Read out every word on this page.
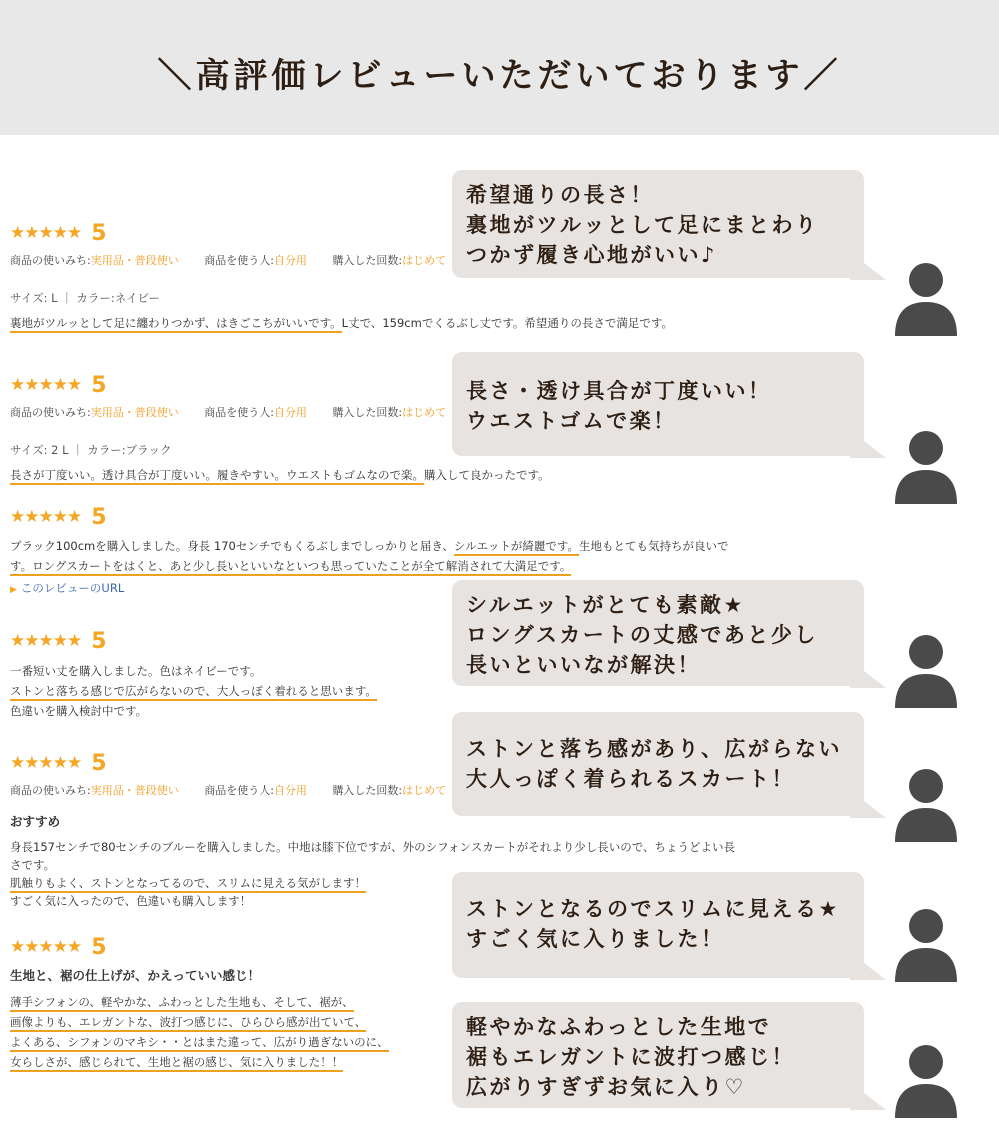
＼高評価レビューいただいております／
★★★★★ 5
商品の使いみち:実用品・普段使い 商品を使う人:自分用 購入した回数:はじめて
サイズ: L ｜ カラー:ネイビー
裏地がツルッとして足に纏わりつかず、はきごこちがいいです。L丈で、159cmでくるぶし丈です。希望通りの長さで満足です。
★★★★★ 5
商品の使いみち:実用品・普段使い 商品を使う人:自分用 購入した回数:はじめて
サイズ: 2 L ｜ カラー:ブラック
長さが丁度いい。透け具合が丁度いい。履きやすい。ウエストもゴムなので楽。購入して良かったです。
★★★★★ 5
ブラック100cmを購入しました。身長 170センチでもくるぶしまでしっかりと届き、シルエットが綺麗です。生地もとても気持ちが良いで
す。ロングスカートをはくと、あと少し長いといいなといつも思っていたことが全て解消されて大満足です。
▶ このレビューのURL
★★★★★ 5
一番短い丈を購入しました。色はネイビーです。
ストンと落ちる感じで広がらないので、大人っぽく着れると思います。
色違いを購入検討中です。
★★★★★ 5
商品の使いみち:実用品・普段使い 商品を使う人:自分用 購入した回数:はじめて
おすすめ
身長157センチで80センチのブルーを購入しました。中地は膝下位ですが、外のシフォンスカートがそれより少し長いので、ちょうどよい長
さです。
肌触りもよく、ストンとなってるので、スリムに見える気がします！
すごく気に入ったので、色違いも購入します！
★★★★★ 5
生地と、裾の仕上げが、かえっていい感じ！
薄手シフォンの、軽やかな、ふわっとした生地も、そして、裾が、
画像よりも、エレガントな、波打つ感じに、ひらひら感が出ていて、
よくある、シフォンのマキシ・・とはまた違って、広がり過ぎないのに、
女らしさが、感じられて、生地と裾の感じ、気に入りました！！
希望通りの長さ！
裏地がツルッとして足にまとわり
つかず履き心地がいい♪
長さ・透け具合が丁度いい！
ウエストゴムで楽！
シルエットがとても素敵★
ロングスカートの丈感であと少し
長いといいなが解決！
ストンと落ち感があり、広がらない
大人っぽく着られるスカート！
ストンとなるのでスリムに見える★
すごく気に入りました！
軽やかなふわっとした生地で
裾もエレガントに波打つ感じ！
広がりすぎずお気に入り♡
